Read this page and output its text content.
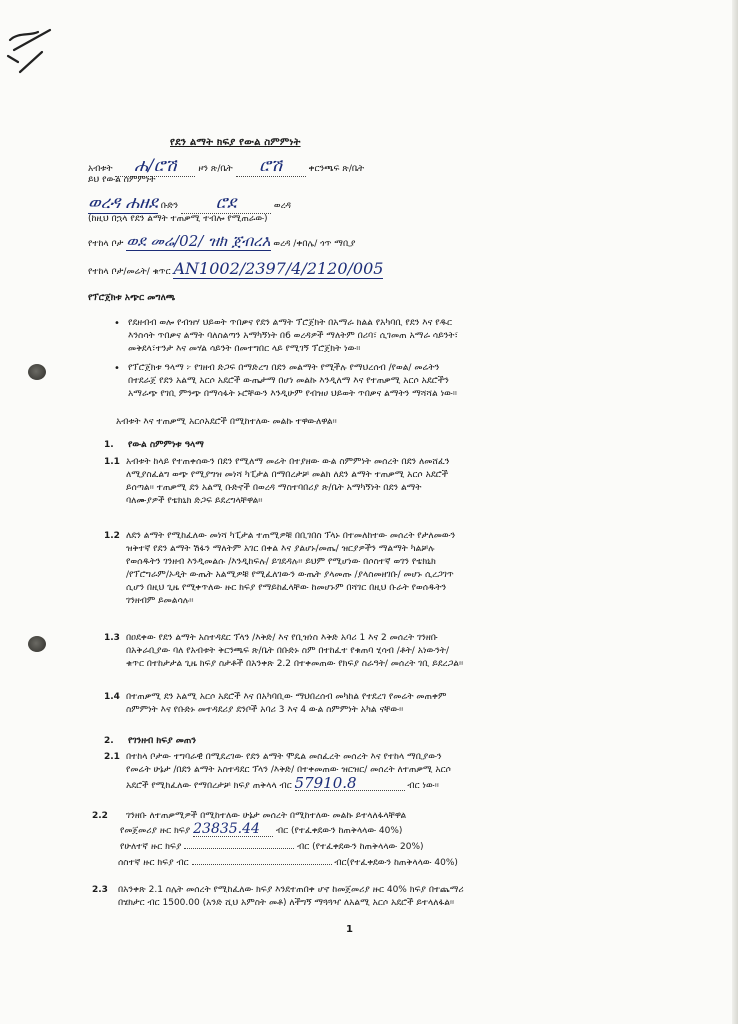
የደን ልማት ክፍያ የውል ስምምነት
አብቱት ሐ/ሮሽ ዞን ጽ/ቤት ሮሽ	ቀርንጫፍ ጽ/ቤት
ይህ የውል ስምምነት
ወረዳ ሐዘደ ቡድን ሮደ	ወረዳ
(ከዚህ በኋላ የደን ልማት ተጠቃሚ ተብሎ የሚጠራው)
የተከላ ቦታ ወደ መሬ/02/ ዝክ ጀብረእ ወረዳ /ቀበሌ/ ጎጥ ማቢያ
የተከላ ቦታ/መሬት/ ቁጥር AN1002/2397/4/2120/005
የፕሮጀክቱ አጭር መግለጫ
• የደዘብብ ወሎ የብዝሃ ህይወት ጥበቃና የደን ልማት ፕሮጀክት በአማራ ክልል የአካባቢ የደን እና የዱር
እንስሳት ጥበቃና ልማት ባለስልጣን አማካኝነት በ6 ወረዳዎች ማለትም በሪባ፣ ሲገመጠ አማራ ሳይንት፣
መቅደላ፣ተንታ እና መሃል ሳይንት በመተግበር ላይ የሚገኝ ፕሮጀክት ነው።
• የፕሮጀክቱ ዓላማ ፦ የገዘብ ድጋፍ በማድረግ በደን መልማት የሚችሉ የማህረሰብ /የወል/ መሬትን
በተደራጀ የደን አልሚ አርሶ አደሮች ውጤታማ በሆነ መልኩ እንዲለማ እና የተጠቃሚ አርሶ አደሮችን
አማራጭ የገቢ ምንጭ በማሳፋት ኑሮቸውን እንዲሁም የብዝሀ ህይወት ጥበቃና ልማትን ማሻሻል ነው።
አብቱት እና ተጠቃሚ አርሶአደሮች በሚከተለው መልኩ ተዋውለዋል፡፡
1. የውል ስምምነቱ ዓላማ
1.1 አብቱት ከላይ የተጠቀሰውን በደን የሚለማ መሬት በተያዘው ውል ስምምነት መሰረት በደን ለመሸፈን
ለሚያስፈልግ ወጭ የሚያግዝ መነሻ ካፒታል በማበረታቻ መልክ ለደን ልማት ተጠቃሚ አርሶ አደሮች
ይሰጣል፡፡ ተጠቃሚ ደን አልሚ ቡድኖች በወረዳ ማስተባበሪያ ጽ/ቤት አማካኝነት በደን ልማት
ባለሙያዎች የቴክኒክ ድጋፍ ይደረግላቸዋል፡፡
1.2 ለደን ልማት የሚከፈለው መነሻ ካፒታል ተጠሚዎቹ በቢገበስ ፕላኑ በተመለከተው መሰረት የታለመውን
ዝቅተኛ የደን ልማት ሽፋን ማለትም አገር በቀል እና ያልሆኑ/መጤ/ ዝርያዎችን ማልማት ካልቻሉ
የወሰዱትን ገንዘብ እንዲመልሱ /እንዲከፍሉ/ ይገደዳሉ፡፡ ይህም የሚሆነው በሶስተኛ ወገን የቴክኒክ
/የፕሮግራም/ኦዲት ውጤት አልሚዎቹ የሚፈለገውን ውጤት ያላመጡ /ያላስመዘገቡ/ መሆኑ ሲረጋገጥ
ሲሆን በዚህ ጊዜ የሚቀጥለው ዙር ክፍያ የማይከፈላቸው ከመሆኑም በሻገር በዚህ ቡራት የወሰዱትን
ገንዘብም ይመልሳሉ፡፡
1.3 በዐደቀው የደን ልማት አስተዳደር ፕላን /እቅድ/ እና የቢዝነስ እቅድ አባሪ 1 እና 2 መሰረት ገንዘቡ
በአቅራቢያው ባለ የአብቱት ቅርንጫፍ ጽ/ቤት በቡድኑ ስም በተከፈተ የቁጠባ ሂሳብ /ቶት/ አነውንት/
ቁጥር በተከታታል ጊዜ ክፍያ ስታቶች በአንቀጽ 2.2 በተቀመጠው የክፍያ ስራዓት/ መሰረት ገቢ ይደረጋል፡፡
1.4 በተጠቃሚ ደን አልሚ አርሶ አደሮች እና በአካባቢው ማህበረሰብ መካከል የተደረገ የመሬት መጠቀም
ስምምነት እና የቡድኑ መተዳደሪያ ደንቦች አባሪ 3 እና 4 ውል ስምምነት አካል ናቸው፡፡
2. የገንዘብ ክፍያ መጠን
2.1 በተከላ ቦታው ተግባራዊ በሚደረገው የደን ልማት ሞዴል መስፈረት መሰረት እና የተከላ ማቢያውን
የመሬት ሁኔታ /በደን ልማት አስተዳደር ፕላን /እቅድ/ በተቀመጠው ዝርዝር/ መሰረት ለተጠቃሚ አርሶ
አደሮች የሚከፈለው የማበረታቻ ክፍያ ጠቅላላ ብር 57910.8	ብር ነው፡፡
2.2	ገንዘቡ ለተጠቃሚዎች በሚከተለው ሁኔታ መሰረት በሚከተለው መልኩ ይተላለፋላቸዋል
የመጀመሪያ ዙር ክፍያ 23835.44 ብር (የተፈቀደውን ከጠቅላላው 40%)
የሁለተኛ ዙር ክፍያ	ብር (የተፈቀደውን ከጠቅላላው 20%)
ሰስተኛ ዙር ክፍያ ብር	ብር(የተፈቀደውን ከጠቅላላው 40%)
2.3 በአንቀጽ 2.1 ስሌት መሰረት የሚከፈለው ክፍያ እንደተጠበቀ ሆኖ ከመጀመሪያ ዙር 40% ክፍያ በተጨማሪ
በሄክታር ብር 1500.00 (አንድ ሺህ አምስት መቶ) ለችግኝ ማጓጓዣ ለአልሚ አርሶ አደሮች ይተላለፋል፡፡
1
